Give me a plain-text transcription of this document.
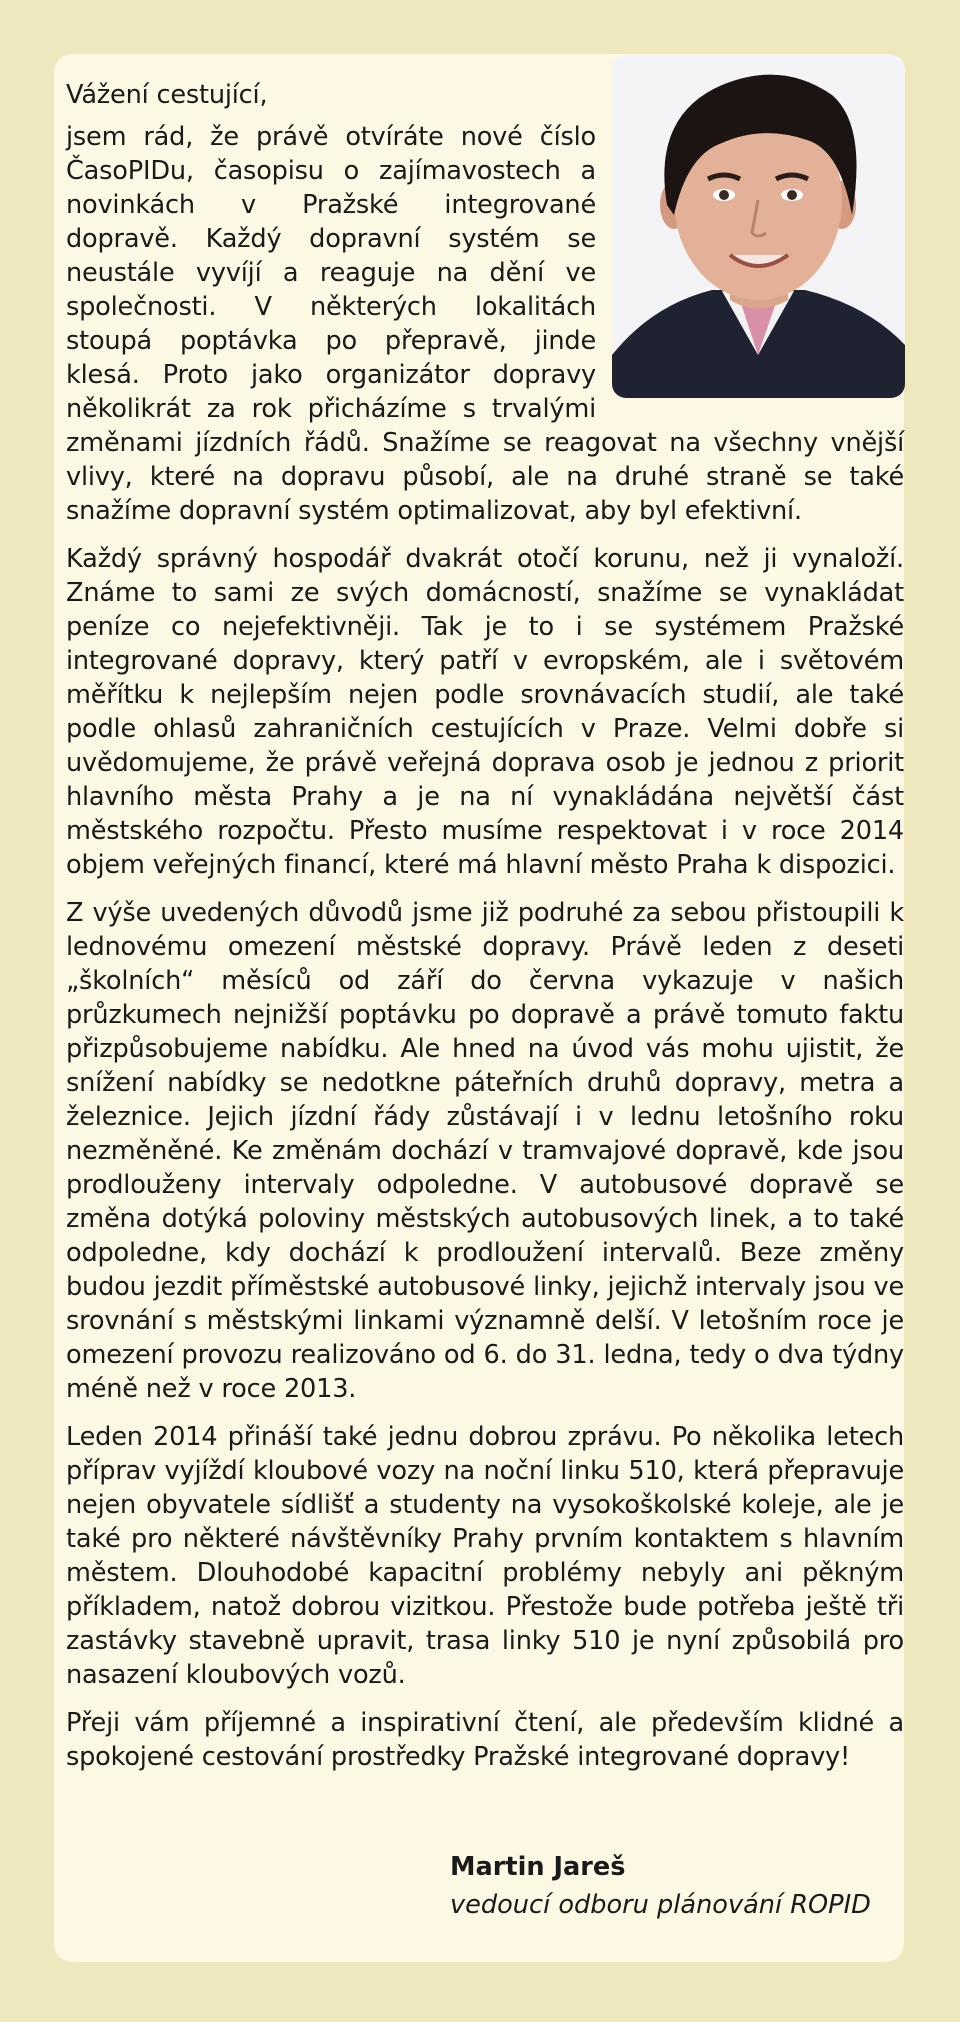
Vážení cestující,

jsem rád, že právě otvíráte nové číslo ČasoPIDu, časopisu o zajímavostech a novinkách v Pražské integrované dopravě. Každý dopravní systém se neustále vyvíjí a reaguje na dění ve společnosti. V některých lokalitách stoupá poptávka po přepravě, jinde klesá. Proto jako organizátor dopravy několikrát za rok přicházíme s trvalými změnami jízdních řádů. Snažíme se reagovat na všechny vnější vlivy, které na dopravu působí, ale na druhé straně se také snažíme dopravní systém optimalizovat, aby byl efektivní.

Každý správný hospodář dvakrát otočí korunu, než ji vynaloží. Známe to sami ze svých domácností, snažíme se vynakládat peníze co nejefektivněji. Tak je to i se systémem Pražské integrované dopravy, který patří v evropském, ale i světovém měřítku k nejlepším nejen podle srovnávacích studií, ale také podle ohlasů zahraničních cestujících v Praze. Velmi dobře si uvědomujeme, že právě veřejná doprava osob je jednou z priorit hlavního města Prahy a je na ní vynakládána největší část městského rozpočtu. Přesto musíme respektovat i v roce 2014 objem veřejných financí, které má hlavní město Praha k dispozici.

Z výše uvedených důvodů jsme již podruhé za sebou přistoupili k lednovému omezení městské dopravy. Právě leden z deseti „školních“ měsíců od září do června vykazuje v našich průzkumech nejnižší poptávku po dopravě a právě tomuto faktu přizpůsobujeme nabídku. Ale hned na úvod vás mohu ujistit, že snížení nabídky se nedotkne páteřních druhů dopravy, metra a železnice. Jejich jízdní řády zůstávají i v lednu letošního roku nezměněné. Ke změnám dochází v tramvajové dopravě, kde jsou prodlouženy intervaly odpoledne. V autobusové dopravě se změna dotýká poloviny městských autobusových linek, a to také odpoledne, kdy dochází k prodloužení intervalů. Beze změny budou jezdit příměstské autobusové linky, jejichž intervaly jsou ve srovnání s městskými linkami významně delší. V letošním roce je omezení provozu realizováno od 6. do 31. ledna, tedy o dva týdny méně než v roce 2013.

Leden 2014 přináší také jednu dobrou zprávu. Po několika letech příprav vyjíždí kloubové vozy na noční linku 510, která přepravuje nejen obyvatele sídlišť a studenty na vysokoškolské koleje, ale je také pro některé návštěvníky Prahy prvním kontaktem s hlavním městem. Dlouhodobé kapacitní problémy nebyly ani pěkným příkladem, natož dobrou vizitkou. Přestože bude potřeba ještě tři zastávky stavebně upravit, trasa linky 510 je nyní způsobilá pro nasazení kloubových vozů.

Přeji vám příjemné a inspirativní čtení, ale především klidné a spokojené cestování prostředky Pražské integrované dopravy!

Martin Jareš
vedoucí odboru plánování ROPID
